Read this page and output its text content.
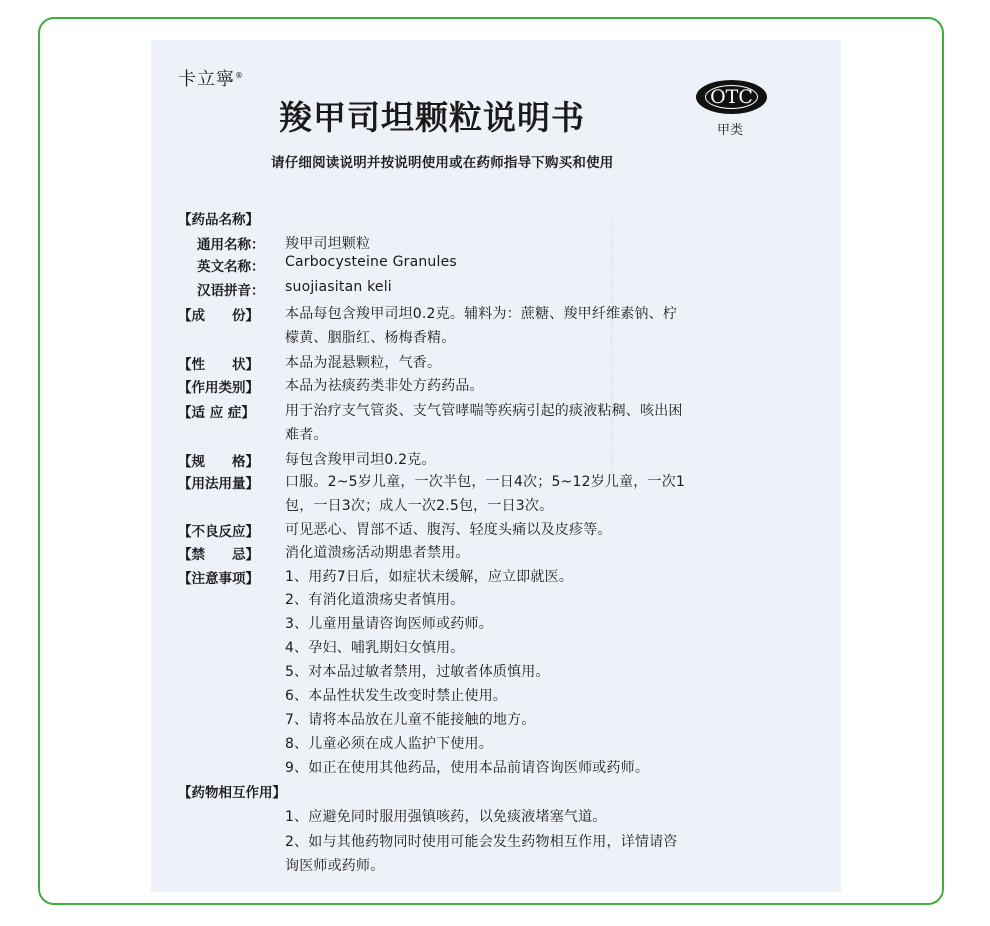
卡立寧®
羧甲司坦颗粒说明书
OTC
甲类
请仔细阅读说明并按说明使用或在药师指导下购买和使用
【药品名称】
通用名称： 羧甲司坦颗粒
英文名称： Carbocysteine Granules
汉语拼音： suojiasitan keli
【成　　份】 本品每包含羧甲司坦0.2克。辅料为：蔗糖、羧甲纤维素钠、柠
檬黄、胭脂红、杨梅香精。
【性　　状】 本品为混悬颗粒，气香。
【作用类别】 本品为祛痰药类非处方药药品。
【适 应 症】 用于治疗支气管炎、支气管哮喘等疾病引起的痰液粘稠、咳出困
难者。
【规　　格】 每包含羧甲司坦0.2克。
【用法用量】 口服。2~5岁儿童，一次半包，一日4次；5~12岁儿童，一次1
包，一日3次；成人一次2.5包，一日3次。
【不良反应】 可见恶心、胃部不适、腹泻、轻度头痛以及皮疹等。
【禁　　忌】 消化道溃疡活动期患者禁用。
【注意事项】 1、用药7日后，如症状未缓解，应立即就医。
2、有消化道溃疡史者慎用。
3、儿童用量请咨询医师或药师。
4、孕妇、哺乳期妇女慎用。
5、对本品过敏者禁用，过敏者体质慎用。
6、本品性状发生改变时禁止使用。
7、请将本品放在儿童不能接触的地方。
8、儿童必须在成人监护下使用。
9、如正在使用其他药品，使用本品前请咨询医师或药师。
【药物相互作用】
1、应避免同时服用强镇咳药，以免痰液堵塞气道。
2、如与其他药物同时使用可能会发生药物相互作用，详情请咨
询医师或药师。
